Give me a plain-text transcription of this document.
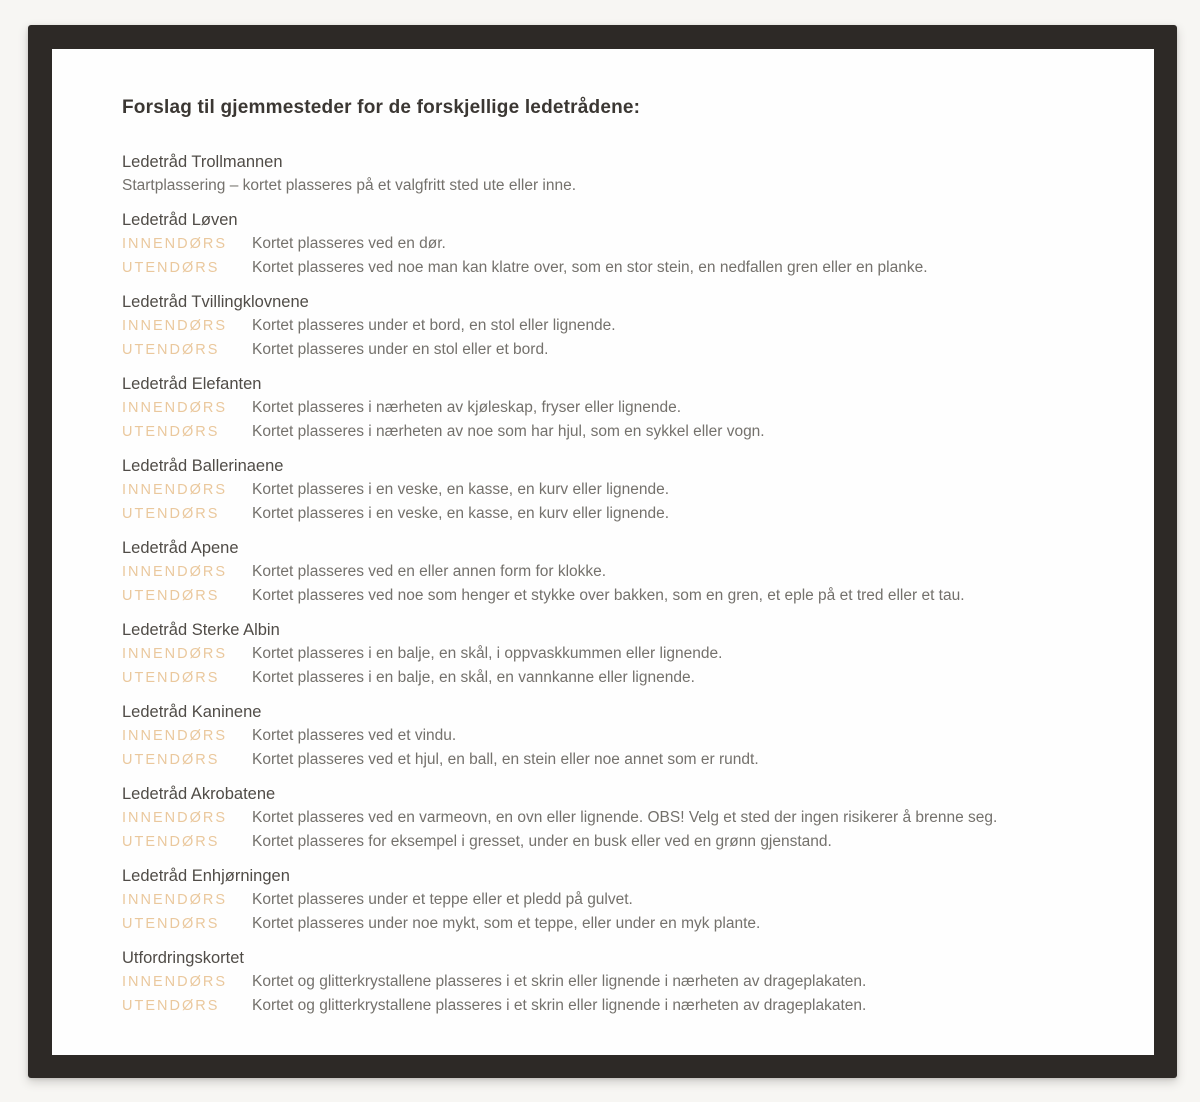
Forslag til gjemmesteder for de forskjellige ledetrådene:
Ledetråd Trollmannen
Startplassering – kortet plasseres på et valgfritt sted ute eller inne.
Ledetråd Løven
INNENDØRS	Kortet plasseres ved en dør.
UTENDØRS	Kortet plasseres ved noe man kan klatre over, som en stor stein, en nedfallen gren eller en planke.
Ledetråd Tvillingklovnene
INNENDØRS	Kortet plasseres under et bord, en stol eller lignende.
UTENDØRS	Kortet plasseres under en stol eller et bord.
Ledetråd Elefanten
INNENDØRS	Kortet plasseres i nærheten av kjøleskap, fryser eller lignende.
UTENDØRS	Kortet plasseres i nærheten av noe som har hjul, som en sykkel eller vogn.
Ledetråd Ballerinaene
INNENDØRS	Kortet plasseres i en veske, en kasse, en kurv eller lignende.
UTENDØRS	Kortet plasseres i en veske, en kasse, en kurv eller lignende.
Ledetråd Apene
INNENDØRS	Kortet plasseres ved en eller annen form for klokke.
UTENDØRS	Kortet plasseres ved noe som henger et stykke over bakken, som en gren, et eple på et tred eller et tau.
Ledetråd Sterke Albin
INNENDØRS	Kortet plasseres i en balje, en skål, i oppvaskkummen eller lignende.
UTENDØRS	Kortet plasseres i en balje, en skål, en vannkanne eller lignende.
Ledetråd Kaninene
INNENDØRS	Kortet plasseres ved et vindu.
UTENDØRS	Kortet plasseres ved et hjul, en ball, en stein eller noe annet som er rundt.
Ledetråd Akrobatene
INNENDØRS	Kortet plasseres ved en varmeovn, en ovn eller lignende. OBS! Velg et sted der ingen risikerer å brenne seg.
UTENDØRS	Kortet plasseres for eksempel i gresset, under en busk eller ved en grønn gjenstand.
Ledetråd Enhjørningen
INNENDØRS	Kortet plasseres under et teppe eller et pledd på gulvet.
UTENDØRS	Kortet plasseres under noe mykt, som et teppe, eller under en myk plante.
Utfordringskortet
INNENDØRS	Kortet og glitterkrystallene plasseres i et skrin eller lignende i nærheten av drageplakaten.
UTENDØRS	Kortet og glitterkrystallene plasseres i et skrin eller lignende i nærheten av drageplakaten.
